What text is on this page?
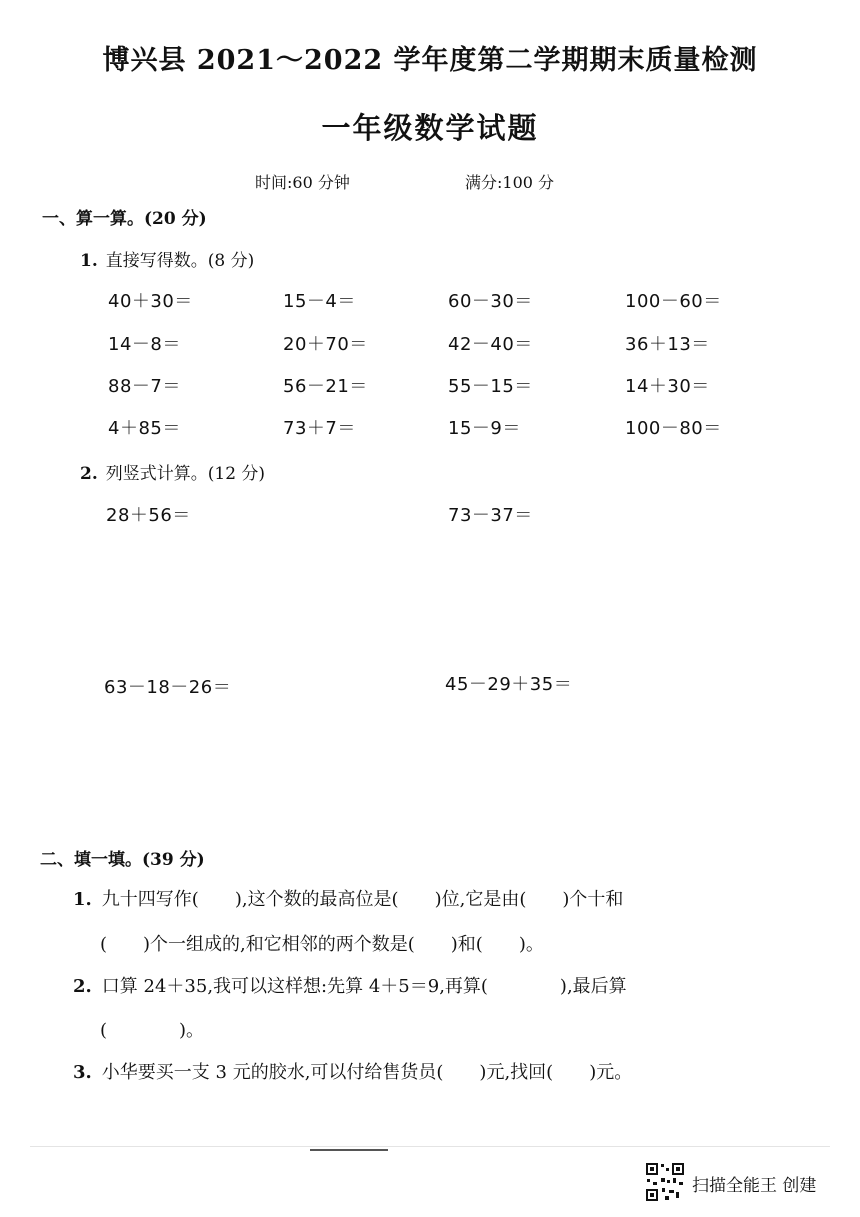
博兴县 2021～2022 学年度第二学期期末质量检测
一年级数学试题
时间:60 分钟	满分:100 分
一、算一算。(20 分)
1. 直接写得数。(8 分)
40＋30＝	15－4＝	60－30＝	100－60＝
14－8＝	20＋70＝	42－40＝	36＋13＝
88－7＝	56－21＝	55－15＝	14＋30＝
4＋85＝	73＋7＝	15－9＝	100－80＝
2. 列竖式计算。(12 分)
28＋56＝	73－37＝
63－18－26＝	45－29＋35＝
二、填一填。(39 分)
1. 九十四写作(　　),这个数的最高位是(　　)位,它是由(　　)个十和
(　　)个一组成的,和它相邻的两个数是(　　)和(　　)。
2. 口算 24＋35,我可以这样想:先算 4＋5＝9,再算(　　　　),最后算
(　　　　)。
3. 小华要买一支 3 元的胶水,可以付给售货员(　　)元,找回(　　)元。
扫描全能王 创建
